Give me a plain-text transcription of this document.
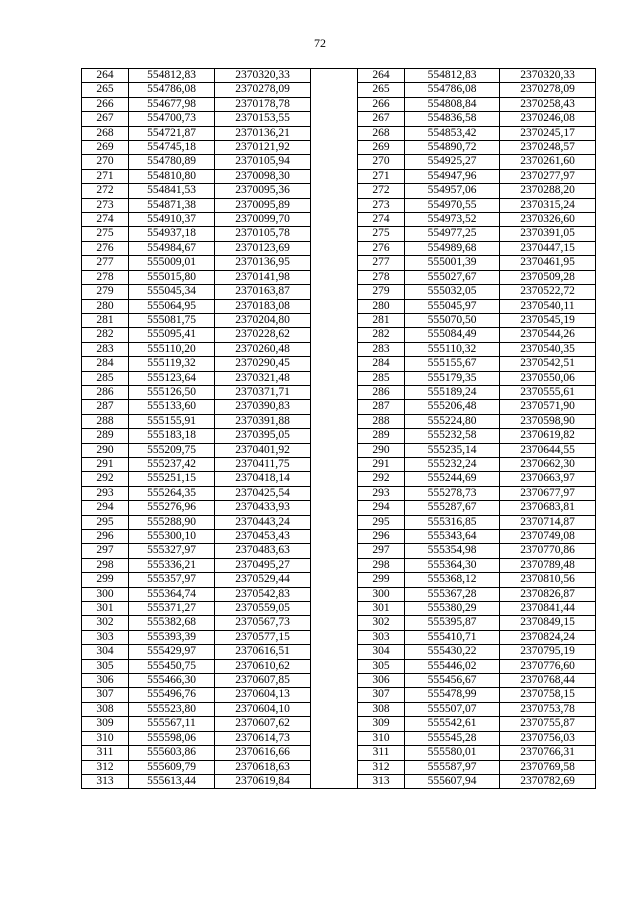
72
264	554812,83	2370320,33		264	554812,83	2370320,33
265	554786,08	2370278,09		265	554786,08	2370278,09
266	554677,98	2370178,78		266	554808,84	2370258,43
267	554700,73	2370153,55		267	554836,58	2370246,08
268	554721,87	2370136,21		268	554853,42	2370245,17
269	554745,18	2370121,92		269	554890,72	2370248,57
270	554780,89	2370105,94		270	554925,27	2370261,60
271	554810,80	2370098,30		271	554947,96	2370277,97
272	554841,53	2370095,36		272	554957,06	2370288,20
273	554871,38	2370095,89		273	554970,55	2370315,24
274	554910,37	2370099,70		274	554973,52	2370326,60
275	554937,18	2370105,78		275	554977,25	2370391,05
276	554984,67	2370123,69		276	554989,68	2370447,15
277	555009,01	2370136,95		277	555001,39	2370461,95
278	555015,80	2370141,98		278	555027,67	2370509,28
279	555045,34	2370163,87		279	555032,05	2370522,72
280	555064,95	2370183,08		280	555045,97	2370540,11
281	555081,75	2370204,80		281	555070,50	2370545,19
282	555095,41	2370228,62		282	555084,49	2370544,26
283	555110,20	2370260,48		283	555110,32	2370540,35
284	555119,32	2370290,45		284	555155,67	2370542,51
285	555123,64	2370321,48		285	555179,35	2370550,06
286	555126,50	2370371,71		286	555189,24	2370555,61
287	555133,60	2370390,83		287	555206,48	2370571,90
288	555155,91	2370391,88		288	555224,80	2370598,90
289	555183,18	2370395,05		289	555232,58	2370619,82
290	555209,75	2370401,92		290	555235,14	2370644,55
291	555237,42	2370411,75		291	555232,24	2370662,30
292	555251,15	2370418,14		292	555244,69	2370663,97
293	555264,35	2370425,54		293	555278,73	2370677,97
294	555276,96	2370433,93		294	555287,67	2370683,81
295	555288,90	2370443,24		295	555316,85	2370714,87
296	555300,10	2370453,43		296	555343,64	2370749,08
297	555327,97	2370483,63		297	555354,98	2370770,86
298	555336,21	2370495,27		298	555364,30	2370789,48
299	555357,97	2370529,44		299	555368,12	2370810,56
300	555364,74	2370542,83		300	555367,28	2370826,87
301	555371,27	2370559,05		301	555380,29	2370841,44
302	555382,68	2370567,73		302	555395,87	2370849,15
303	555393,39	2370577,15		303	555410,71	2370824,24
304	555429,97	2370616,51		304	555430,22	2370795,19
305	555450,75	2370610,62		305	555446,02	2370776,60
306	555466,30	2370607,85		306	555456,67	2370768,44
307	555496,76	2370604,13		307	555478,99	2370758,15
308	555523,80	2370604,10		308	555507,07	2370753,78
309	555567,11	2370607,62		309	555542,61	2370755,87
310	555598,06	2370614,73		310	555545,28	2370756,03
311	555603,86	2370616,66		311	555580,01	2370766,31
312	555609,79	2370618,63		312	555587,97	2370769,58
313	555613,44	2370619,84		313	555607,94	2370782,69
